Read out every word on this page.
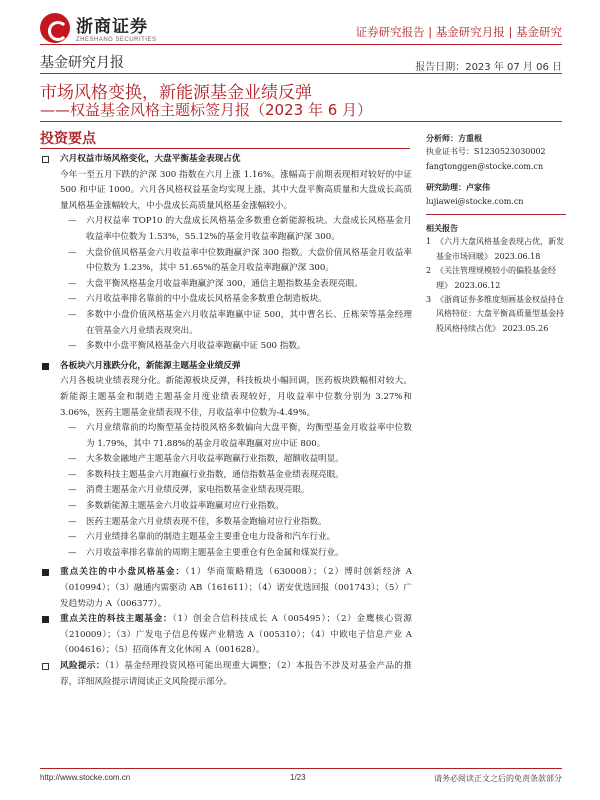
浙商证券
ZHESHANG SECURITIES
证券研究报告 | 基金研究月报 | 基金研究
基金研究月报	报告日期：2023 年 07 月 06 日
市场风格变换，新能源基金业绩反弹
——权益基金风格主题标签月报（2023 年 6 月）
投资要点
六月权益市场风格变化，大盘平衡基金表现占优
今年一至五月下跌的沪深 300 指数在六月上涨 1.16%。涨幅高于前期表现相对较好的中证 500 和中证 1000。六月各风格权益基金均实现上涨，其中大盘平衡高质量和大盘成长高质量风格基金涨幅较大，中小盘成长高质量风格基金涨幅较小。
— 六月权益率 TOP10 的大盘成长风格基金多数重仓新能源板块。大盘成长风格基金月收益率中位数为 1.53%，55.12%的基金月收益率跑赢沪深 300。
— 大盘价值风格基金六月收益率中位数跑赢沪深 300 指数。大盘价值风格基金月收益率中位数为 1.23%，其中 51.65%的基金月收益率跑赢沪深 300。
— 大盘平衡风格基金月收益率跑赢沪深 300，通信主题指数基金表现亮眼。
— 六月收益率排名靠前的中小盘成长风格基金多数重仓制造板块。
— 多数中小盘价值风格基金六月收益率跑赢中证 500，其中曹名长、丘栋荣等基金经理在管基金六月业绩表现突出。
— 多数中小盘平衡风格基金六月收益率跑赢中证 500 指数。
各板块六月涨跌分化，新能源主题基金业绩反弹
六月各板块业绩表现分化。新能源板块反弹，科技板块小幅回调，医药板块跌幅相对较大。新能源主题基金和制造主题基金月度业绩表现较好，月收益率中位数分别为 3.27%和 3.06%，医药主题基金业绩表现不佳，月收益率中位数为-4.49%。
— 六月业绩靠前的均衡型基金持股风格多数偏向大盘平衡，均衡型基金月收益率中位数为 1.79%，其中 71.88%的基金月收益率跑赢对应中证 800。
— 大多数金融地产主题基金六月收益率跑赢行业指数，超额收益明显。
— 多数科技主题基金六月跑赢行业指数，通信指数基金业绩表现亮眼。
— 消费主题基金六月业绩反弹，家电指数基金业绩表现亮眼。
— 多数新能源主题基金六月收益率跑赢对应行业指数。
— 医药主题基金六月业绩表现不佳，多数基金跑输对应行业指数。
— 六月业绩排名靠前的制造主题基金主要重仓电力设备和汽车行业。
— 六月收益率排名靠前的周期主题基金主要重仓有色金属和煤炭行业。
重点关注的中小盘风格基金：（1）华商策略精选（630008）；（2）博时创新经济 A（010994）；（3）融通内需驱动 AB（161611）；（4）诺安优选回报（001743）；（5）广发趋势动力 A（006377）。
重点关注的科技主题基金：（1）创金合信科技成长 A（005495）；（2）金鹰核心资源（210009）；（3）广发电子信息传媒产业精选 A（005310）；（4）中欧电子信息产业 A（004616）；（5）招商体育文化休闲 A（001628）。
风险提示：（1）基金经理投资风格可能出现重大调整；（2）本报告不涉及对基金产品的推荐，详细风险提示请阅读正文风险提示部分。
分析师：方重根
执业证书号：S1230523030002
fangtonggen@stocke.com.cn
研究助理：卢家伟
lujiawei@stocke.com.cn
相关报告
1 《六月大盘风格基金表现占优，新发基金市场回暖》 2023.06.18
2 《关注管理规模较小的偏股基金经理》 2023.06.12
3 《浙商证券多维度刻画基金权益持仓风格特征：大盘平衡高质量型基金持股风格持续占优》 2023.05.26
http://www.stocke.com.cn	1/23	请务必阅读正文之后的免责条款部分
